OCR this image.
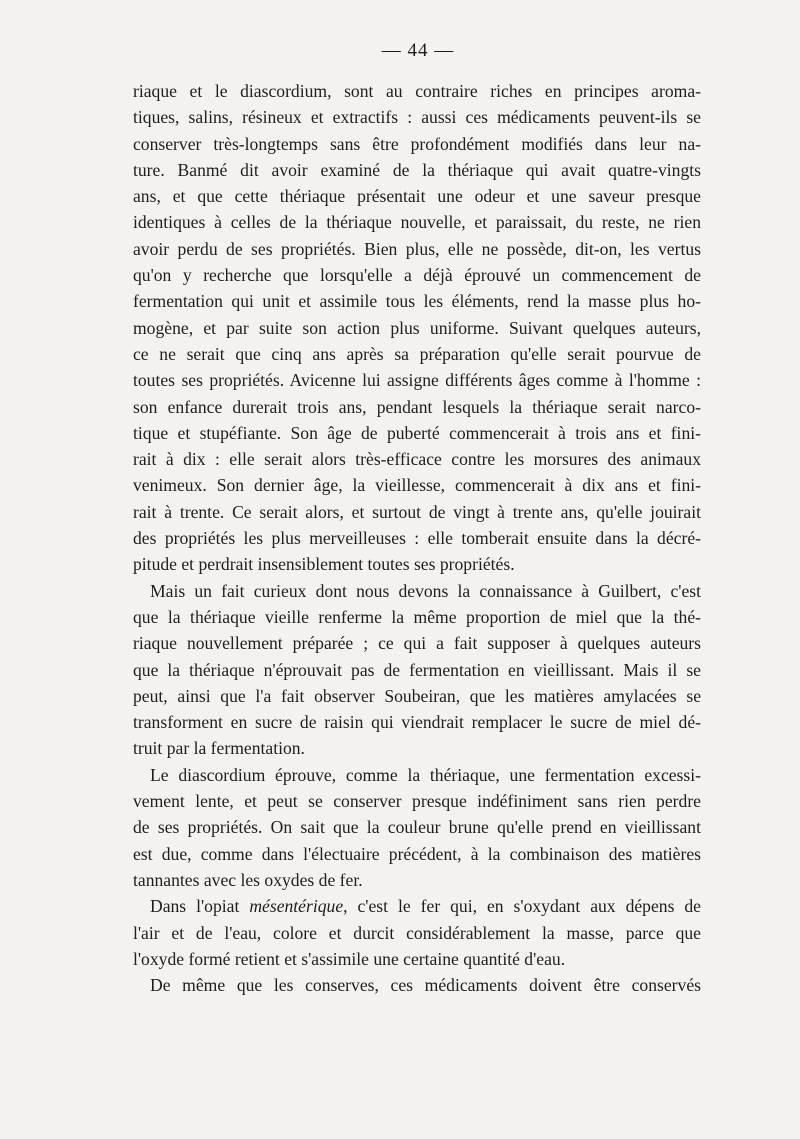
— 44 —
riaque et le diascordium, sont au contraire riches en principes aroma-
tiques, salins, résineux et extractifs : aussi ces médicaments peuvent-ils se
conserver très-longtemps sans être profondément modifiés dans leur na-
ture. Banmé dit avoir examiné de la thériaque qui avait quatre-vingts
ans, et que cette thériaque présentait une odeur et une saveur presque
identiques à celles de la thériaque nouvelle, et paraissait, du reste, ne rien
avoir perdu de ses propriétés. Bien plus, elle ne possède, dit-on, les vertus
qu'on y recherche que lorsqu'elle a déjà éprouvé un commencement de
fermentation qui unit et assimile tous les éléments, rend la masse plus ho-
mogène, et par suite son action plus uniforme. Suivant quelques auteurs,
ce ne serait que cinq ans après sa préparation qu'elle serait pourvue de
toutes ses propriétés. Avicenne lui assigne différents âges comme à l'homme :
son enfance durerait trois ans, pendant lesquels la thériaque serait narco-
tique et stupéfiante. Son âge de puberté commencerait à trois ans et fini-
rait à dix : elle serait alors très-efficace contre les morsures des animaux
venimeux. Son dernier âge, la vieillesse, commencerait à dix ans et fini-
rait à trente. Ce serait alors, et surtout de vingt à trente ans, qu'elle jouirait
des propriétés les plus merveilleuses : elle tomberait ensuite dans la décré-
pitude et perdrait insensiblement toutes ses propriétés.
Mais un fait curieux dont nous devons la connaissance à Guilbert, c'est
que la thériaque vieille renferme la même proportion de miel que la thé-
riaque nouvellement préparée ; ce qui a fait supposer à quelques auteurs
que la thériaque n'éprouvait pas de fermentation en vieillissant. Mais il se
peut, ainsi que l'a fait observer Soubeiran, que les matières amylacées se
transforment en sucre de raisin qui viendrait remplacer le sucre de miel dé-
truit par la fermentation.
Le diascordium éprouve, comme la thériaque, une fermentation excessi-
vement lente, et peut se conserver presque indéfiniment sans rien perdre
de ses propriétés. On sait que la couleur brune qu'elle prend en vieillissant
est due, comme dans l'électuaire précédent, à la combinaison des matières
tannantes avec les oxydes de fer.
Dans l'opiat mésentérique, c'est le fer qui, en s'oxydant aux dépens de
l'air et de l'eau, colore et durcit considérablement la masse, parce que
l'oxyde formé retient et s'assimile une certaine quantité d'eau.
De même que les conserves, ces médicaments doivent être conservés
